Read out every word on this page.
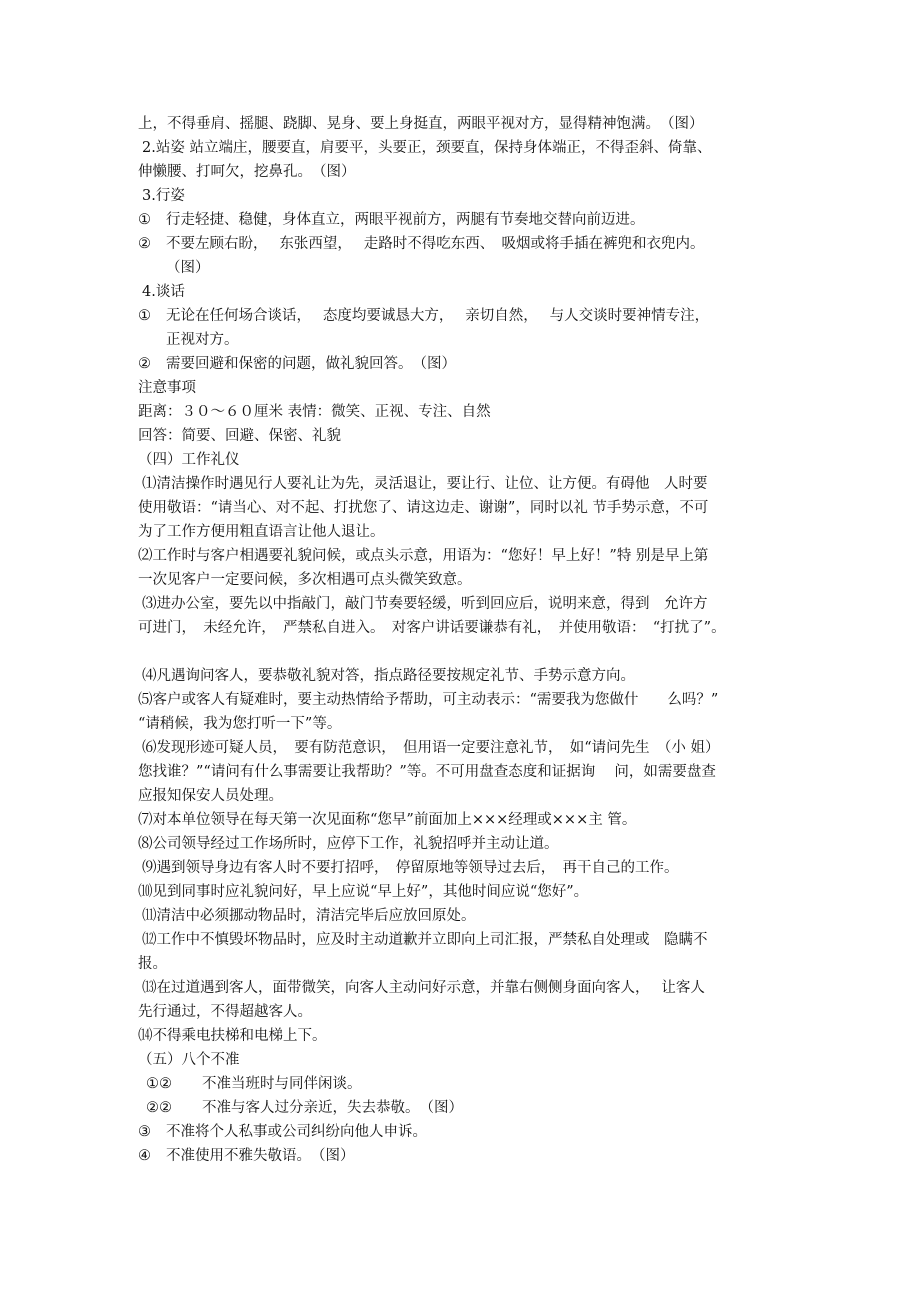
上，不得垂肩、摇腿、跷脚、晃身、要上身挺直，两眼平视对方，显得精神饱满。　（图）
2.站姿 站立端庄，腰要直，肩要平，头要正，颈要直，保持身体端正，不得歪斜、倚靠、
伸懒腰、打呵欠，挖鼻孔。　（图）
3.行姿
①	行走轻捷、稳健，身体直立，两眼平视前方，两腿有节奏地交替向前迈进。
②	不要左顾右盼，　 东张西望，　 走路时不得吃东西、　吸烟或将手插在裤兜和衣兜内。
（图）
4.谈话
①	无论在任何场合谈话，　 态度均要诚恳大方，　 亲切自然，　 与人交谈时要神情专注，
正视对方。
②	需要回避和保密的问题，做礼貌回答。　（图）
注意事项
距离：３０～６０厘米 表情：微笑、正视、专注、自然
回答：简要、回避、保密、礼貌
（四）工作礼仪
⑴清洁操作时遇见行人要礼让为先，灵活退让，要让行、让位、让方便。有碍他　人时要
使用敬语：“请当心、对不起、打扰您了、请这边走、谢谢”，同时以礼 节手势示意，不可
为了工作方便用粗直语言让他人退让。
⑵工作时与客户相遇要礼貌问候，或点头示意，用语为：“您好！早上好！”特 别是早上第
一次见客户一定要问候，多次相遇可点头微笑致意。
⑶进办公室，要先以中指敲门，敲门节奏要轻缓，听到回应后，说明来意，得到　允许方
可进门，　未经允许，　严禁私自进入。　对客户讲话要谦恭有礼，　并使用敬语：　“打扰了”。
⑷凡遇询问客人，要恭敬礼貌对答，指点路径要按规定礼节、手势示意方向。
⑸客户或客人有疑难时，要主动热情给予帮助，可主动表示：“需要我为您做什　　么吗？”
“请稍候，我为您打听一下”等。
⑹发现形迹可疑人员，　要有防范意识，　但用语一定要注意礼节，　如“请问先生　（小 姐）
您找谁？”“请问有什么事需要让我帮助？”等。不可用盘查态度和证据询　 问，如需要盘查
应报知保安人员处理。
⑺对本单位领导在每天第一次见面称“您早”前面加上×××经理或×××主 管。
⑻公司领导经过工作场所时，应停下工作，礼貌招呼并主动让道。
⑼遇到领导身边有客人时不要打招呼，　停留原地等领导过去后，　再干自己的工作。
⑽见到同事时应礼貌问好，早上应说“早上好”，其他时间应说“您好”。
⑾清洁中必须挪动物品时，清洁完毕后应放回原处。
⑿工作中不慎毁坏物品时，应及时主动道歉并立即向上司汇报，严禁私自处理或　隐瞒不
报。
⒀在过道遇到客人，面带微笑，向客人主动问好示意，并靠右侧侧身面向客人，　 让客人
先行通过，不得超越客人。
⒁不得乘电扶梯和电梯上下。
（五）八个不准
①②	不准当班时与同伴闲谈。
②②	不准与客人过分亲近，失去恭敬。　（图）
③	不准将个人私事或公司纠纷向他人申诉。
④	不准使用不雅失敬语。　（图）
